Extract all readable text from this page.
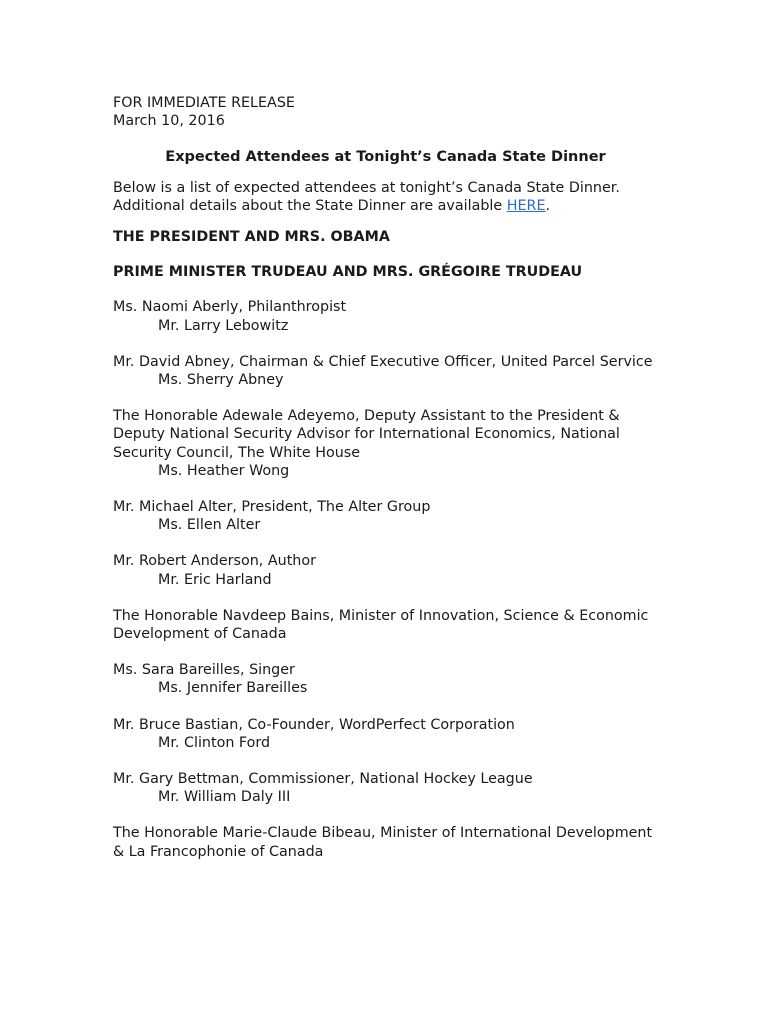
FOR IMMEDIATE RELEASE

March 10, 2016

Expected Attendees at Tonight’s Canada State Dinner

Below is a list of expected attendees at tonight’s Canada State Dinner. Additional details about the State Dinner are available HERE.

THE PRESIDENT AND MRS. OBAMA

PRIME MINISTER TRUDEAU AND MRS. GRÉGOIRE TRUDEAU

Ms. Naomi Aberly, Philanthropist

Mr. Larry Lebowitz

Mr. David Abney, Chairman & Chief Executive Officer, United Parcel Service

Ms. Sherry Abney

The Honorable Adewale Adeyemo, Deputy Assistant to the President & Deputy National Security Advisor for International Economics, National Security Council, The White House

Ms. Heather Wong

Mr. Michael Alter, President, The Alter Group

Ms. Ellen Alter

Mr. Robert Anderson, Author

Mr. Eric Harland

The Honorable Navdeep Bains, Minister of Innovation, Science & Economic Development of Canada

Ms. Sara Bareilles, Singer

Ms. Jennifer Bareilles

Mr. Bruce Bastian, Co-Founder, WordPerfect Corporation

Mr. Clinton Ford

Mr. Gary Bettman, Commissioner, National Hockey League

Mr. William Daly III

The Honorable Marie-Claude Bibeau, Minister of International Development & La Francophonie of Canada
